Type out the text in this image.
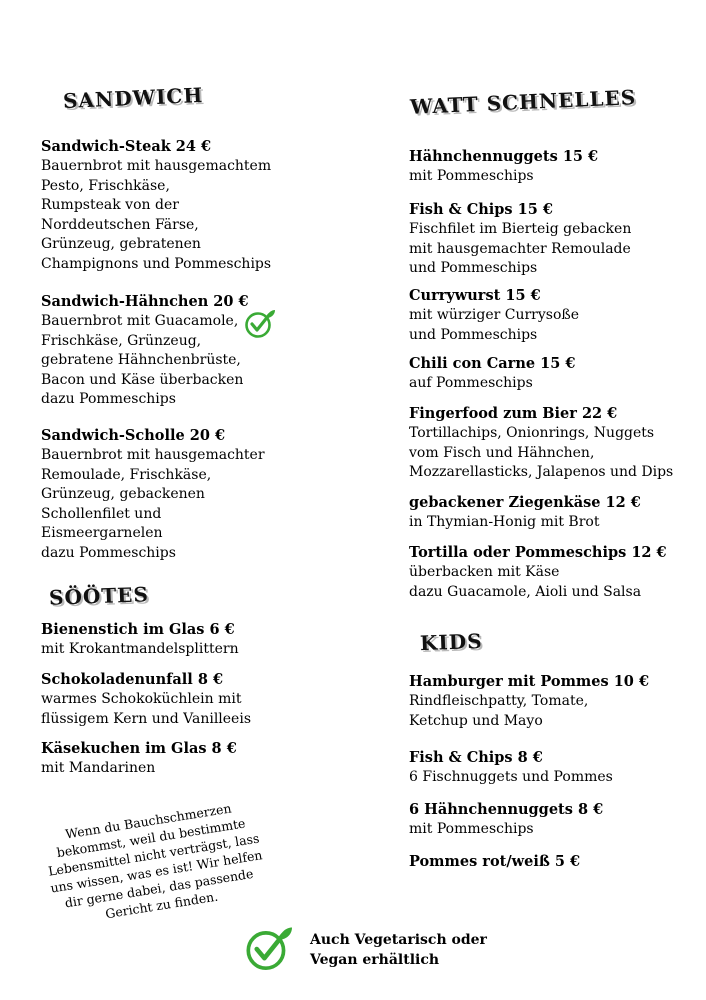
SANDWICH
Sandwich-Steak 24 €
Bauernbrot mit hausgemachtem
Pesto, Frischkäse,
Rumpsteak von der
Norddeutschen Färse,
Grünzeug, gebratenen
Champignons und Pommeschips
Sandwich-Hähnchen 20 €
Bauernbrot mit Guacamole,
Frischkäse, Grünzeug,
gebratene Hähnchenbrüste,
Bacon und Käse überbacken
dazu Pommeschips
Sandwich-Scholle 20 €
Bauernbrot mit hausgemachter
Remoulade, Frischkäse,
Grünzeug, gebackenen
Schollenfilet und
Eismeergarnelen
dazu Pommeschips
SÖÖTES
Bienenstich im Glas 6 €
mit Krokantmandelsplittern
Schokoladenunfall 8 €
warmes Schokoküchlein mit
flüssigem Kern und Vanilleeis
Käsekuchen im Glas 8 €
mit Mandarinen
WATT SCHNELLES
Hähnchennuggets 15 €
mit Pommeschips
Fish & Chips 15 €
Fischfilet im Bierteig gebacken
mit hausgemachter Remoulade
und Pommeschips
Currywurst 15 €
mit würziger Currysoße
und Pommeschips
Chili con Carne 15 €
auf Pommeschips
Fingerfood zum Bier 22 €
Tortillachips, Onionrings, Nuggets
vom Fisch und Hähnchen,
Mozzarellasticks, Jalapenos und Dips
gebackener Ziegenkäse 12 €
in Thymian-Honig mit Brot
Tortilla oder Pommeschips 12 €
überbacken mit Käse
dazu Guacamole, Aioli und Salsa
KIDS
Hamburger mit Pommes 10 €
Rindfleischpatty, Tomate,
Ketchup und Mayo
Fish & Chips 8 €
6 Fischnuggets und Pommes
6 Hähnchennuggets 8 €
mit Pommeschips
Pommes rot/weiß 5 €
Wenn du Bauchschmerzen
bekommst, weil du bestimmte
Lebensmittel nicht verträgst, lass
uns wissen, was es ist! Wir helfen
dir gerne dabei, das passende
Gericht zu finden.
Auch Vegetarisch oder
Vegan erhältlich
